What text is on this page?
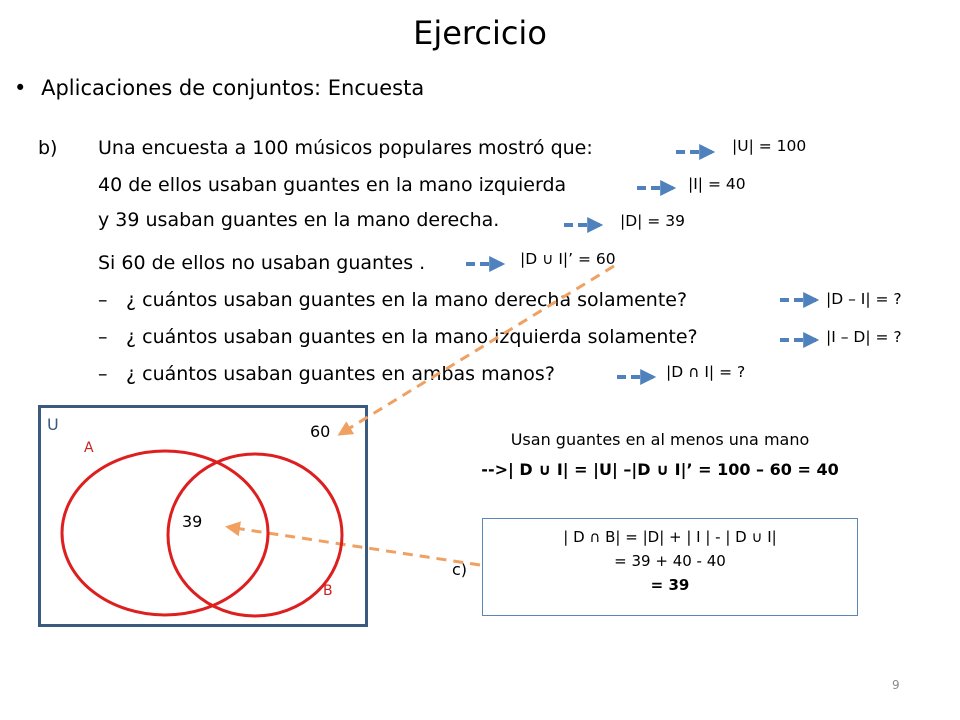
Ejercicio
• Aplicaciones de conjuntos: Encuesta
b) Una encuesta a 100 músicos populares mostró que:
40 de ellos usaban guantes en la mano izquierda
y 39 usaban guantes en la mano derecha.
Si 60 de ellos no usaban guantes .
– ¿ cuántos usaban guantes en la mano derecha solamente?
– ¿ cuántos usaban guantes en la mano izquierda solamente?
– ¿ cuántos usaban guantes en ambas manos?
|U| = 100
|I| = 40
|D| = 39
|D ∪ I|’ = 60
|D – I| = ?
|I – D| = ?
|D ∩ I| = ?
U
A
B
60
39
Usan guantes en al menos una mano
-->| D ∪ I| = |U| –|D ∪ I|’ = 100 – 60 = 40
c)
| D ∩ B| = |D| + | I | - | D ∪ I|
= 39 + 40 - 40
= 39
9
